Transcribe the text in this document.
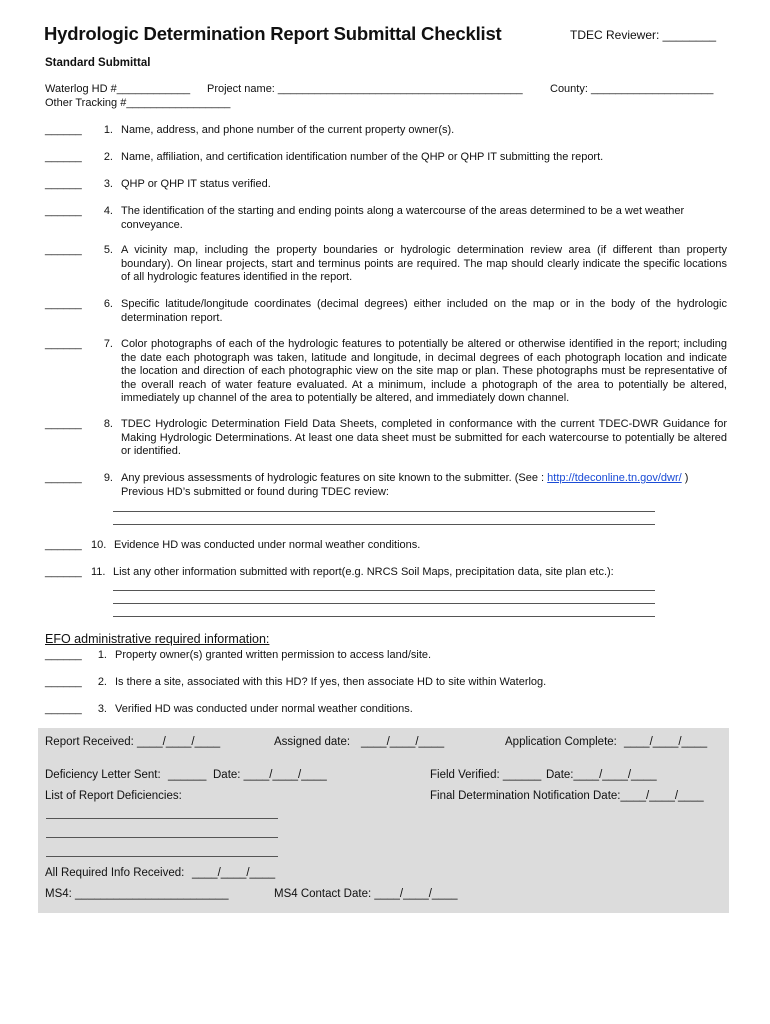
Hydrologic Determination Report Submittal Checklist	TDEC Reviewer: ________
Standard Submittal
Waterlog HD #____________ Project name: ________________________________________ County: ____________________
Other Tracking #_________________
______	1. Name, address, and phone number of the current property owner(s).
______	2. Name, affiliation, and certification identification number of the QHP or QHP IT submitting the report.
______	3. QHP or QHP IT status verified.
______	4. The identification of the starting and ending points along a watercourse of the areas determined to be a wet weather conveyance.
______	5. A vicinity map, including the property boundaries or hydrologic determination review area (if different than property boundary). On linear projects, start and terminus points are required. The map should clearly indicate the specific locations of all hydrologic features identified in the report.
______	6. Specific latitude/longitude coordinates (decimal degrees) either included on the map or in the body of the hydrologic determination report.
______	7. Color photographs of each of the hydrologic features to potentially be altered or otherwise identified in the report; including the date each photograph was taken, latitude and longitude, in decimal degrees of each photograph location and indicate the location and direction of each photographic view on the site map or plan. These photographs must be representative of the overall reach of water feature evaluated. At a minimum, include a photograph of the area to potentially be altered, immediately up channel of the area to potentially be altered, and immediately down channel.
______	8. TDEC Hydrologic Determination Field Data Sheets, completed in conformance with the current TDEC-DWR Guidance for Making Hydrologic Determinations. At least one data sheet must be submitted for each watercourse to potentially be altered or identified.
______	9. Any previous assessments of hydrologic features on site known to the submitter. (See : http://tdeconline.tn.gov/dwr/ ) Previous HD’s submitted or found during TDEC review:
______ 10. Evidence HD was conducted under normal weather conditions.
______ 11. List any other information submitted with report(e.g. NRCS Soil Maps, precipitation data, site plan etc.):
EFO administrative required information:
______	1. Property owner(s) granted written permission to access land/site.
______	2. Is there a site, associated with this HD? If yes, then associate HD to site within Waterlog.
______	3. Verified HD was conducted under normal weather conditions.
Report Received: ____/____/____	Assigned date: ____/____/____	Application Complete: ____/____/____
Deficiency Letter Sent: ______ Date: ____/____/____	Field Verified: ______ Date:____/____/____
List of Report Deficiencies:	Final Determination Notification Date:____/____/____
All Required Info Received: ____/____/____
MS4: ________________________	MS4 Contact Date: ____/____/____
